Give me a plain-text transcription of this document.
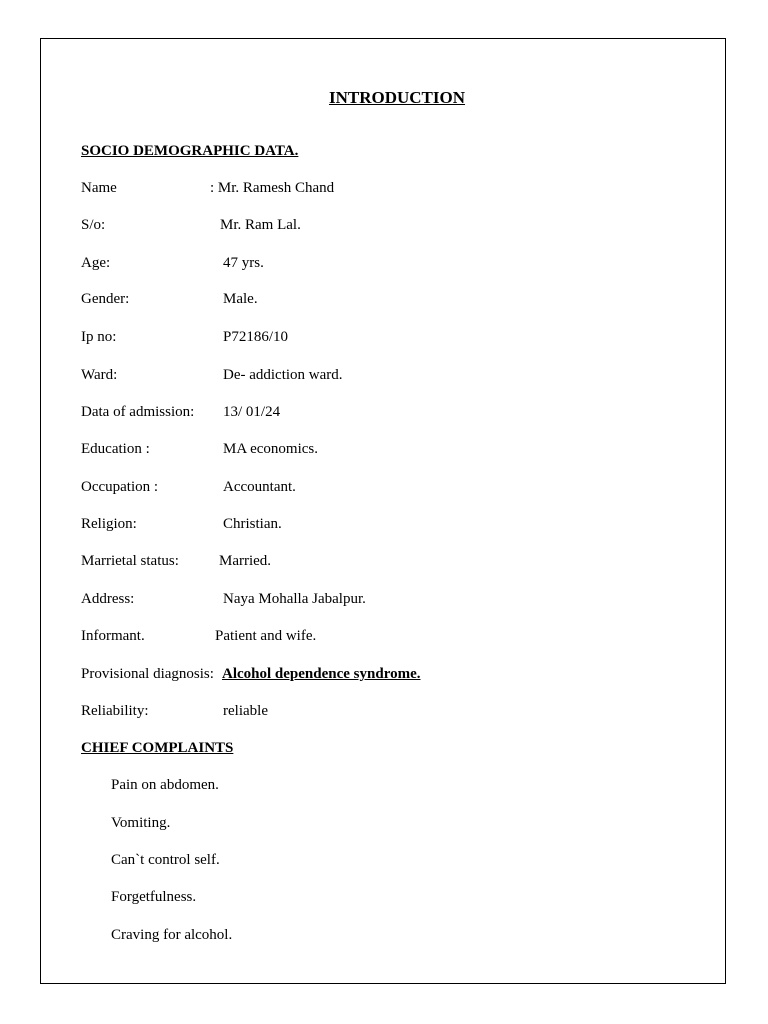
INTRODUCTION
SOCIO DEMOGRAPHIC DATA.
Name	: Mr. Ramesh Chand
S/o:	Mr. Ram Lal.
Age:	47 yrs.
Gender:	Male.
Ip no:	P72186/10
Ward:	De- addiction ward.
Data of admission: 13/ 01/24
Education :	MA economics.
Occupation :	Accountant.
Religion:	Christian.
Marrietal status:	Married.
Address:	Naya Mohalla Jabalpur.
Informant.	Patient and wife.
Provisional diagnosis: Alcohol dependence syndrome.
Reliability:	reliable
CHIEF COMPLAINTS
Pain on abdomen.
Vomiting.
Can`t control self.
Forgetfulness.
Craving for alcohol.
